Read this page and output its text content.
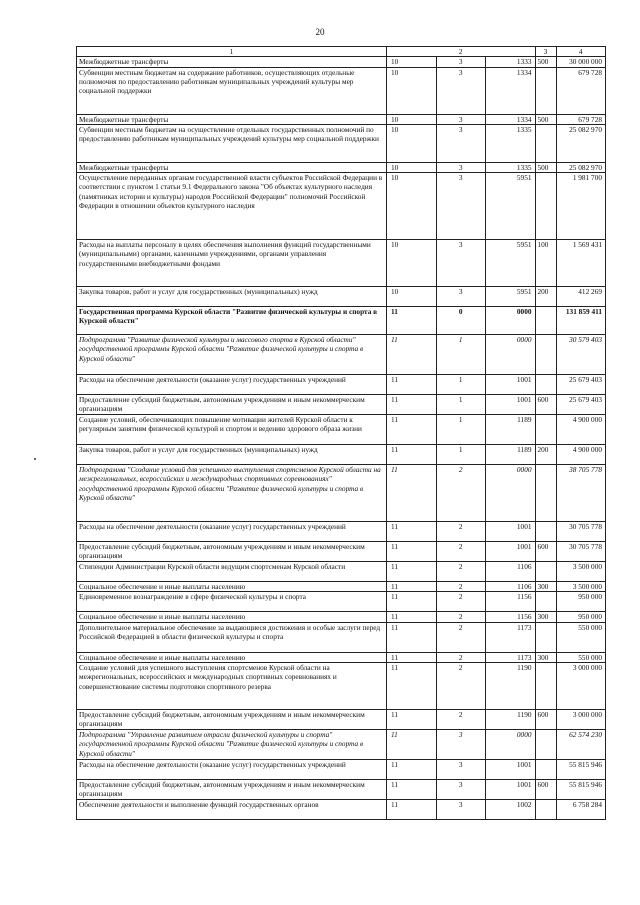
20
1	2			3	4
Межбюджетные трансферты	10	3	1333	500	30 000 000
Субвенции местным бюджетам на содержание работников, осуществляющих отдельные полномочия по предоставлению работникам муниципальных учреждений культуры мер социальной поддержки	10	3	1334		679 728
Межбюджетные трансферты	10	3	1334	500	679 728
Субвенции местным бюджетам на осуществление отдельных государственных полномочий по предоставлению работникам муниципальных учреждений культуры мер социальной поддержки	10	3	1335		25 082 970
Межбюджетные трансферты	10	3	1335	500	25 082 970
Осуществление переданных органам государственной власти субъектов Российской Федерации в соответствии с пунктом 1 статьи 9.1 Федерального закона "Об объектах культурного наследия (памятниках истории и культуры) народов Российской Федерации" полномочий Российской Федерации в отношении объектов культурного наследия	10	3	5951		1 981 700
Расходы на выплаты персоналу в целях обеспечения выполнения функций государственными (муниципальными) органами, казенными учреждениями, органами управления государственными внебюджетными фондами	10	3	5951	100	1 569 431
Закупка товаров, работ и услуг для государственных (муниципальных) нужд	10	3	5951	200	412 269
Государственная программа Курской области "Развитие физической культуры и спорта в Курской области"	11	0	0000		131 859 411
Подпрограмма "Развитие физической культуры и массового спорта в Курской области" государственной программы Курской области "Развитие физической культуры и спорта в Курской области"	11	1	0000		30 579 403
Расходы на обеспечение деятельности (оказание услуг) государственных учреждений	11	1	1001		25 679 403
Предоставление субсидий бюджетным, автономным учреждениям и иным некоммерческим организациям	11	1	1001	600	25 679 403
Создание условий, обеспечивающих повышение мотивации жителей Курской области к регулярным занятиям физической культурой и спортом и ведению здорового образа жизни	11	1	1189		4 900 000
Закупка товаров, работ и услуг для государственных (муниципальных) нужд	11	1	1189	200	4 900 000
Подпрограмма "Создание условий для успешного выступления спортсменов Курской области на межрегиональных, всероссийских и международных спортивных соревнованиях" государственной программы Курской области "Развитие физической культуры и спорта в Курской области"	11	2	0000		38 705 778
Расходы на обеспечение деятельности (оказание услуг) государственных учреждений	11	2	1001		30 705 778
Предоставление субсидий бюджетным, автономным учреждениям и иным некоммерческим организациям	11	2	1001	600	30 705 778
Стипендии Администрации Курской области ведущим спортсменам Курской области	11	2	1106		3 500 000
Социальное обеспечение и иные выплаты населению	11	2	1106	300	3 500 000
Единовременное вознаграждение в сфере физической культуры и спорта	11	2	1156		950 000
Социальное обеспечение и иные выплаты населению	11	2	1156	300	950 000
Дополнительное материальное обеспечение за выдающиеся достижения и особые заслуги перед Российской Федерацией в области физической культуры и спорта	11	2	1173		550 000
Социальное обеспечение и иные выплаты населению	11	2	1173	300	550 000
Создание условий для успешного выступления спортсменов Курской области на межрегиональных, всероссийских и международных спортивных соревнованиях и совершенствование системы подготовки спортивного резерва	11	2	1190		3 000 000
Предоставление субсидий бюджетным, автономным учреждениям и иным некоммерческим организациям	11	2	1190	600	3 000 000
Подпрограмма "Управление развитием отрасли физической культуры и спорта" государственной программы Курской области "Развитие физической культуры и спорта в Курской области"	11	3	0000		62 574 230
Расходы на обеспечение деятельности (оказание услуг) государственных учреждений	11	3	1001		55 815 946
Предоставление субсидий бюджетным, автономным учреждениям и иным некоммерческим организациям	11	3	1001	600	55 815 946
Обеспечение деятельности и выполнение функций государственных органов	11	3	1002		6 758 284
